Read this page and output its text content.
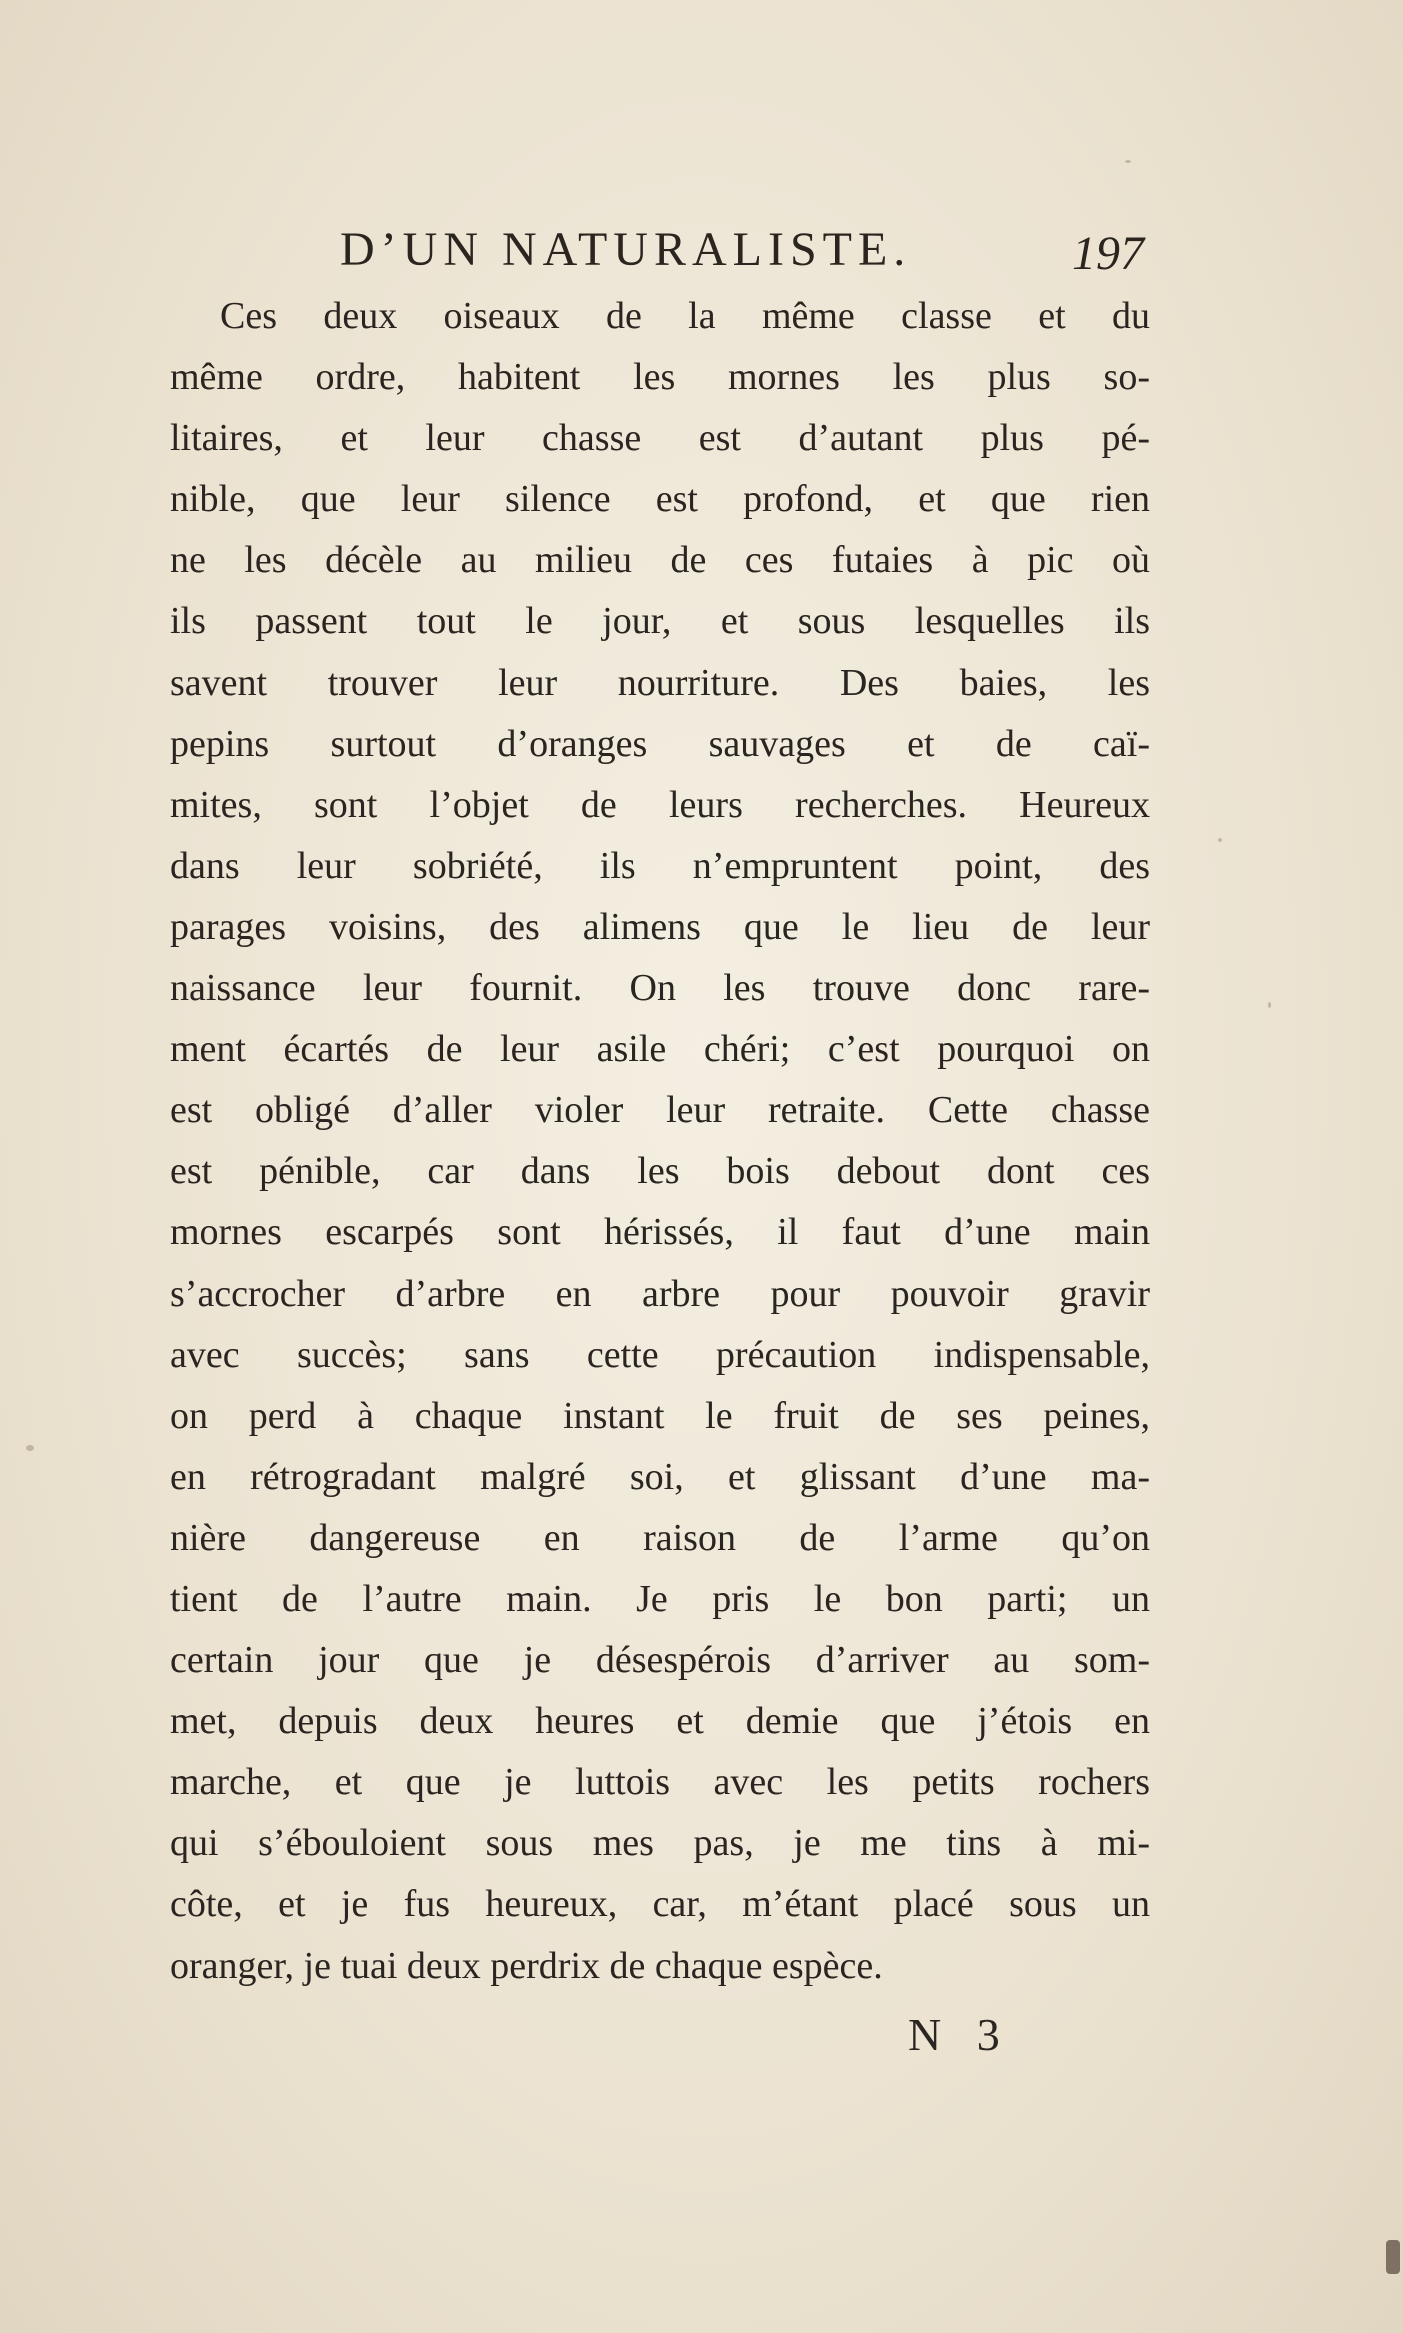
D’UN NATURALISTE.	197
Ces deux oiseaux de la même classe et du
même ordre, habitent les mornes les plus so-
litaires, et leur chasse est d’autant plus pé-
nible, que leur silence est profond, et que rien
ne les décèle au milieu de ces futaies à pic où
ils passent tout le jour, et sous lesquelles ils
savent trouver leur nourriture. Des baies, les
pepins surtout d’oranges sauvages et de caï-
mites, sont l’objet de leurs recherches. Heureux
dans leur sobriété, ils n’empruntent point, des
parages voisins, des alimens que le lieu de leur
naissance leur fournit. On les trouve donc rare-
ment écartés de leur asile chéri; c’est pourquoi on
est obligé d’aller violer leur retraite. Cette chasse
est pénible, car dans les bois debout dont ces
mornes escarpés sont hérissés, il faut d’une main
s’accrocher d’arbre en arbre pour pouvoir gravir
avec succès; sans cette précaution indispensable,
on perd à chaque instant le fruit de ses peines,
en rétrogradant malgré soi, et glissant d’une ma-
nière dangereuse en raison de l’arme qu’on
tient de l’autre main. Je pris le bon parti; un
certain jour que je désespérois d’arriver au som-
met, depuis deux heures et demie que j’étois en
marche, et que je luttois avec les petits rochers
qui s’ébouloient sous mes pas, je me tins à mi-
côte, et je fus heureux, car, m’étant placé sous un
oranger, je tuai deux perdrix de chaque espèce.
N 3
